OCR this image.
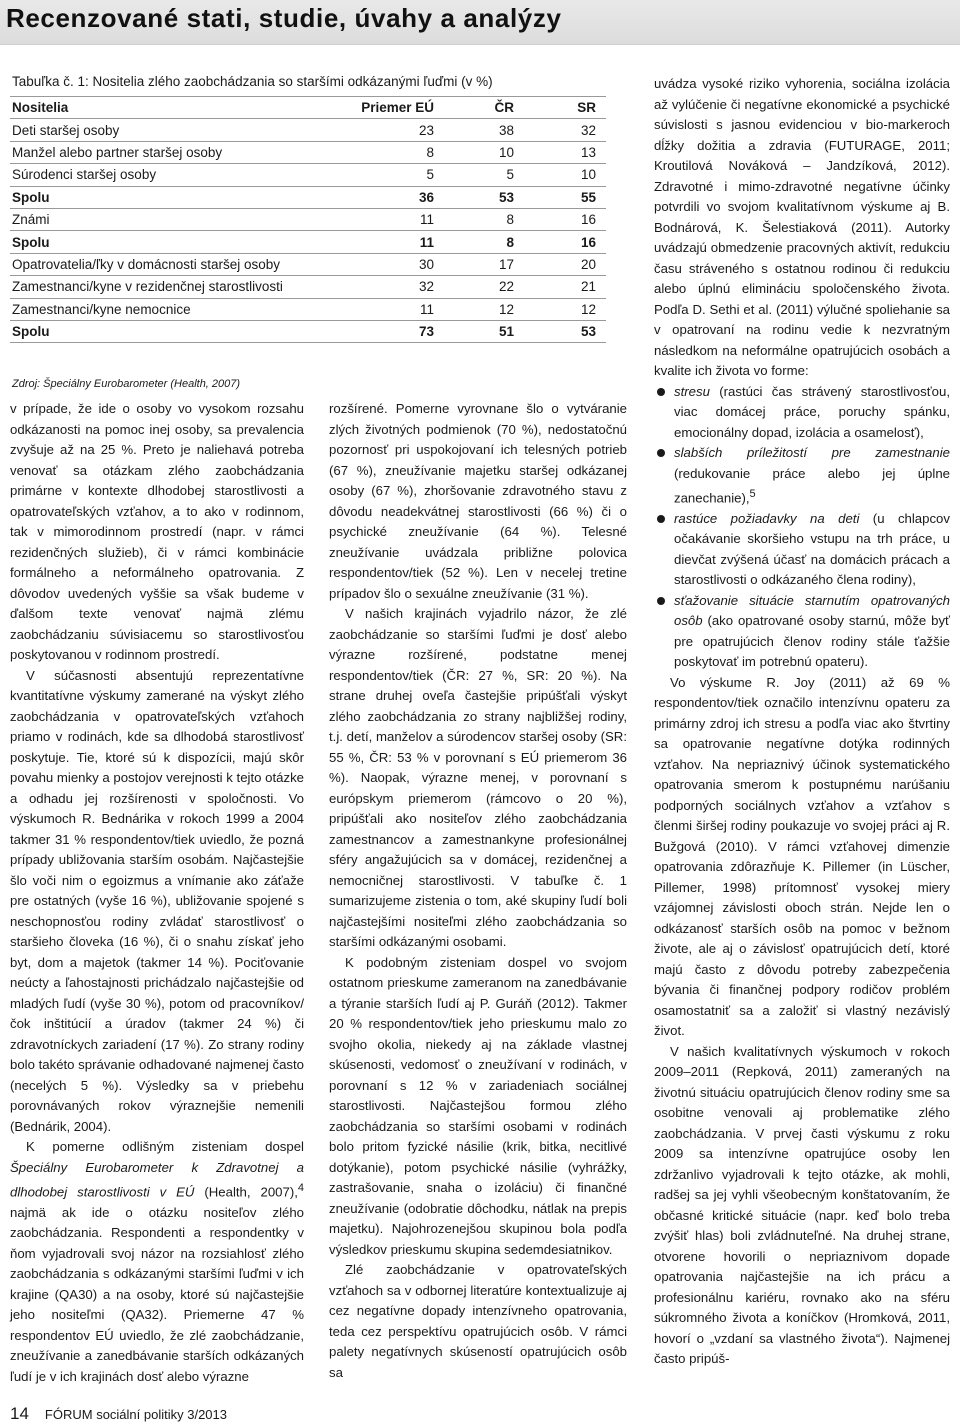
Recenzované stati, studie, úvahy a analýzy
Tabuľka č. 1: Nositelia zlého zaobchádzania so staršími odkázanými ľuďmi (v %)
Nositelia	Priemer EÚ	ČR	SR
Deti staršej osoby	23	38	32
Manžel alebo partner staršej osoby	8	10	13
Súrodenci staršej osoby	5	5	10
Spolu	36	53	55
Známi	11	8	16
Spolu	11	8	16
Opatrovatelia/ľky v domácnosti staršej osoby	30	17	20
Zamestnanci/kyne v rezidenčnej starostlivosti	32	22	21
Zamestnanci/kyne nemocnice	11	12	12
Spolu	73	51	53
Zdroj: Špeciálny Eurobarometer (Health, 2007)

v prípade, že ide o osoby vo vysokom rozsahu odkázanosti na pomoc inej osoby, sa prevalencia zvyšuje až na 25 %. Preto je naliehavá potreba venovať sa otázkam zlého zaobchádzania primárne v kontexte dlhodobej starostlivosti a opatrovateľských vzťahov, a to ako v rodinnom, tak v mimorodinnom prostredí (napr. v rámci rezidenčných služieb), či v rámci kombinácie formálneho a neformálneho opatrovania. Z dôvodov uvedených vyššie sa však budeme v ďalšom texte venovať najmä zlému zaobchádzaniu súvisiacemu so starostlivosťou poskytovanou v rodinnom prostredí.

V súčasnosti absentujú reprezentatívne kvantitatívne výskumy zamerané na výskyt zlého zaobchádzania v opatrovateľských vzťahoch priamo v rodinách, kde sa dlhodobá starostlivosť poskytuje. Tie, ktoré sú k dispozícii, majú skôr povahu mienky a postojov verejnosti k tejto otázke a odhadu jej rozšírenosti v spoločnosti. Vo výskumoch R. Bednárika v rokoch 1999 a 2004 takmer 31 % respondentov/tiek uviedlo, že pozná prípady ubližovania starším osobám. Najčastejšie šlo voči nim o egoizmus a vnímanie ako záťaže pre ostatných (vyše 16 %), ubližovanie spojené s neschopnosťou rodiny zvládať starostlivosť o staršieho človeka (16 %), či o snahu získať jeho byt, dom a majetok (takmer 14 %). Pociťovanie neúcty a ľahostajnosti prichádzalo najčastejšie od mladých ľudí (vyše 30 %), potom od pracovníkov/čok inštitúcií a úradov (takmer 24 %) či zdravotníckych zariadení (17 %). Zo strany rodiny bolo takéto správanie odhadované najmenej často (necelých 5 %). Výsledky sa v priebehu porovnávaných rokov výraznejšie nemenili (Bednárik, 2004).

K pomerne odlišným zisteniam dospel Špeciálny Eurobarometer k Zdravotnej a dlhodobej starostlivosti v EÚ (Health, 2007),$^4$ najmä ak ide o otázku nositeľov zlého zaobchádzania. Respondenti a respondentky v ňom vyjadrovali svoj názor na rozsiahlosť zlého zaobchádzania s odkázanými staršími ľuďmi v ich krajine (QA30) a na osoby, ktoré sú najčastejšie jeho nositeľmi (QA32). Priemerne 47 % respondentov EÚ uviedlo, že zlé zaobchádzanie, zneužívanie a zanedbávanie starších odkázaných ľudí je v ich krajinách dosť alebo výrazne

rozšírené. Pomerne vyrovnane šlo o vytváranie zlých životných podmienok (70 %), nedostatočnú pozornosť pri uspokojovaní ich telesných potrieb (67 %), zneužívanie majetku staršej odkázanej osoby (67 %), zhoršovanie zdravotného stavu z dôvodu neadekvátnej starostlivosti (66 %) či o psychické zneužívanie (64 %). Telesné zneužívanie uvádzala približne polovica respondentov/tiek (52 %). Len v necelej tretine prípadov šlo o sexuálne zneužívanie (31 %).

V našich krajinách vyjadrilo názor, že zlé zaobchádzanie so staršími ľuďmi je dosť alebo výrazne rozšírené, podstatne menej respondentov/tiek (ČR: 27 %, SR: 20 %). Na strane druhej oveľa častejšie pripúšťali výskyt zlého zaobchádzania zo strany najbližšej rodiny, t.j. detí, manželov a súrodencov staršej osoby (SR: 55 %, ČR: 53 % v porovnaní s EÚ priemerom 36 %). Naopak, výrazne menej, v porovnaní s európskym priemerom (rámcovo o 20 %), pripúšťali ako nositeľov zlého zaobchádzania zamestnancov a zamestnankyne profesionálnej sféry angažujúcich sa v domácej, rezidenčnej a nemocničnej starostlivosti. V tabuľke č. 1 sumarizujeme zistenia o tom, aké skupiny ľudí boli najčastejšími nositeľmi zlého zaobchádzania so staršími odkázanými osobami.

K podobným zisteniam dospel vo svojom ostatnom prieskume zameranom na zanedbávanie a týranie starších ľudí aj P. Guráň (2012). Takmer 20 % respondentov/tiek jeho prieskumu malo zo svojho okolia, niekedy aj na základe vlastnej skúsenosti, vedomosť o zneužívaní v rodinách, v porovnaní s 12 % v zariadeniach sociálnej starostlivosti. Najčastejšou formou zlého zaobchádzania so staršími osobami v rodinách bolo pritom fyzické násilie (krik, bitka, necitlivé dotýkanie), potom psychické násilie (vyhrážky, zastrašovanie, snaha o izoláciu) či finančné zneužívanie (odobratie dôchodku, nátlak na prepis majetku). Najohrozenejšou skupinou bola podľa výsledkov prieskumu skupina sedemdesiatnikov.

Zlé zaobchádzanie v opatrovateľských vzťahoch sa v odbornej literatúre kontextualizuje aj cez negatívne dopady intenzívneho opatrovania, teda cez perspektívu opatrujúcich osôb. V rámci palety negatívnych skúseností opatrujúcich osôb sa

uvádza vysoké riziko vyhorenia, sociálna izolácia až vylúčenie či negatívne ekonomické a psychické súvislosti s jasnou evidenciou v bio-markeroch dĺžky dožitia a zdravia (FUTURAGE, 2011; Kroutilová Nováková – Jandzíková, 2012). Zdravotné i mimo-zdravotné negatívne účinky potvrdili vo svojom kvalitatívnom výskume aj B. Bodnárová, K. Šelestiaková (2011). Autorky uvádzajú obmedzenie pracovných aktivít, redukciu času stráveného s ostatnou rodinou či redukciu alebo úplnú elimináciu spoločenského života. Podľa D. Sethi et al. (2011) výlučné spoliehanie sa v opatrovaní na rodinu vedie k nezvratným následkom na neformálne opatrujúcich osobách a kvalite ich života vo forme:

stresu (rastúci čas strávený starostlivosťou, viac domácej práce, poruchy spánku, emocionálny dopad, izolácia a osamelosť),
slabších príležitostí pre zamestnanie (redukovanie práce alebo jej úplne zanechanie),$^5$
rastúce požiadavky na deti (u chlapcov očakávanie skoršieho vstupu na trh práce, u dievčat zvýšená účasť na domácich prácach a starostlivosti o odkázaného člena rodiny),
sťažovanie situácie starnutím opatrovaných osôb (ako opatrované osoby starnú, môže byť pre opatrujúcich členov rodiny stále ťažšie poskytovať im potrebnú opateru).

Vo výskume R. Joy (2011) až 69 % respondentov/tiek označilo intenzívnu opateru za primárny zdroj ich stresu a podľa viac ako štvrtiny sa opatrovanie negatívne dotýka rodinných vzťahov. Na nepriaznivý účinok systematického opatrovania smerom k postupnému narúšaniu podporných sociálnych vzťahov a vzťahov s členmi širšej rodiny poukazuje vo svojej práci aj R. Bužgová (2010). V rámci vzťahovej dimenzie opatrovania zdôrazňuje K. Pillemer (in Lüscher, Pillemer, 1998) prítomnosť vysokej miery vzájomnej závislosti oboch strán. Nejde len o odkázanosť starších osôb na pomoc v bežnom živote, ale aj o závislosť opatrujúcich detí, ktoré majú často z dôvodu potreby zabezpečenia bývania či finančnej podpory rodičov problém osamostatniť sa a založiť si vlastný nezávislý život.

V našich kvalitatívnych výskumoch v rokoch 2009–2011 (Repková, 2011) zameraných na životnú situáciu opatrujúcich členov rodiny sme sa osobitne venovali aj problematike zlého zaobchádzania. V prvej časti výskumu z roku 2009 sa intenzívne opatrujúce osoby len zdržanlivo vyjadrovali k tejto otázke, ak mohli, radšej sa jej vyhli všeobecným konštatovaním, že občasné kritické situácie (napr. keď bolo treba zvýšiť hlas) boli zvládnuteľné. Na druhej strane, otvorene hovorili o nepriaznivom dopade opatrovania najčastejšie na ich prácu a profesionálnu kariéru, rovnako ako na sféru súkromného života a koníčkov (Hromková, 2011, hovorí o „vzdaní sa vlastného života“). Najmenej často pripúš-

14 FÓRUM sociální politiky 3/2013
